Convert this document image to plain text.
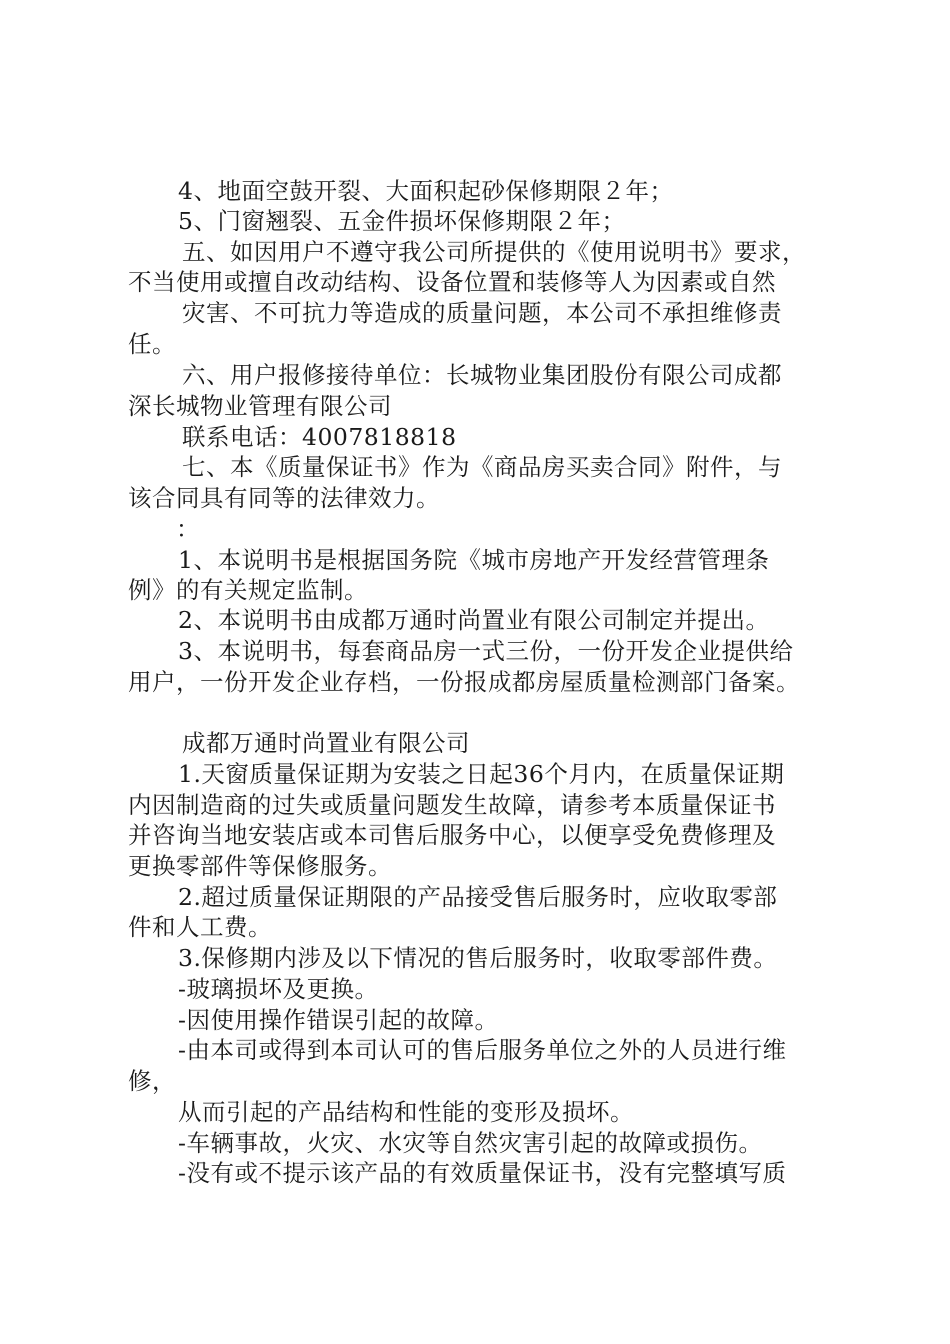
4、地面空鼓开裂、大面积起砂保修期限２年；
5、门窗翘裂、五金件损坏保修期限２年；
五、如因用户不遵守我公司所提供的《使用说明书》要求，
不当使用或擅自改动结构、设备位置和装修等人为因素或自然
灾害、不可抗力等造成的质量问题，本公司不承担维修责
任。
六、用户报修接待单位：长城物业集团股份有限公司成都
深长城物业管理有限公司
联系电话：4007818818
七、本《质量保证书》作为《商品房买卖合同》附件，与
该合同具有同等的法律效力。
：
1、本说明书是根据国务院《城市房地产开发经营管理条
例》的有关规定监制。
2、本说明书由成都万通时尚置业有限公司制定并提出。
3、本说明书，每套商品房一式三份，一份开发企业提供给
用户，一份开发企业存档，一份报成都房屋质量检测部门备案。
成都万通时尚置业有限公司
1.天窗质量保证期为安装之日起36个月内，在质量保证期
内因制造商的过失或质量问题发生故障，请参考本质量保证书
并咨询当地安装店或本司售后服务中心，以便享受免费修理及
更换零部件等保修服务。
2.超过质量保证期限的产品接受售后服务时，应收取零部
件和人工费。
3.保修期内涉及以下情况的售后服务时，收取零部件费。
-玻璃损坏及更换。
-因使用操作错误引起的故障。
-由本司或得到本司认可的售后服务单位之外的人员进行维
修，
从而引起的产品结构和性能的变形及损坏。
-车辆事故，火灾、水灾等自然灾害引起的故障或损伤。
-没有或不提示该产品的有效质量保证书，没有完整填写质
